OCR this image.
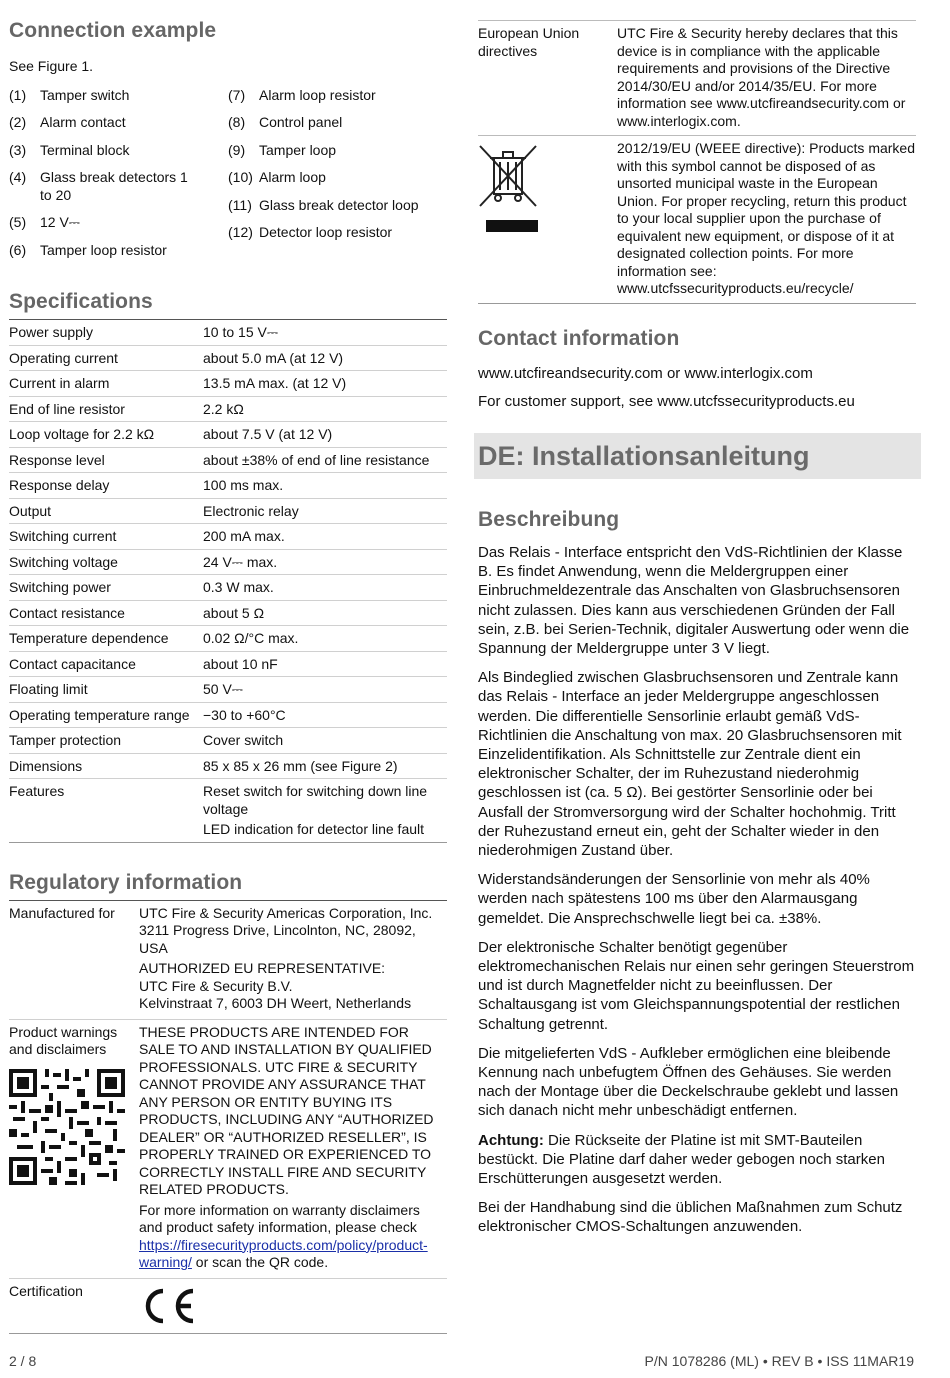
Connection example

See Figure 1.

(1) Tamper switch
(2) Alarm contact
(3) Terminal block
(4) Glass break detectors 1 to 20
(5) 12 V⎓
(6) Tamper loop resistor
(7) Alarm loop resistor
(8) Control panel
(9) Tamper loop
(10) Alarm loop
(11) Glass break detector loop
(12) Detector loop resistor
Specifications
Power supply	10 to 15 V⎓
Operating current	about 5.0 mA (at 12 V)
Current in alarm	13.5 mA max. (at 12 V)
End of line resistor	2.2 kΩ
Loop voltage for 2.2 kΩ	about 7.5 V (at 12 V)
Response level	about ±38% of end of line resistance
Response delay	100 ms max.
Output	Electronic relay
Switching current	200 mA max.
Switching voltage	24 V⎓ max.
Switching power	0.3 W max.
Contact resistance	about 5 Ω
Temperature dependence	0.02 Ω/°C max.
Contact capacitance	about 10 nF
Floating limit	50 V⎓
Operating temperature range	−30 to +60°C
Tamper protection	Cover switch
Dimensions	85 x 85 x 26 mm (see Figure 2)
Features	Reset switch for switching down line voltage
LED indication for detector line fault
Regulatory information
Manufactured for	UTC Fire & Security Americas Corporation, Inc.
3211 Progress Drive, Lincolnton, NC, 28092, USA
AUTHORIZED EU REPRESENTATIVE:
UTC Fire & Security B.V.
Kelvinstraat 7, 6003 DH Weert, Netherlands

Product warnings and disclaimers	THESE PRODUCTS ARE INTENDED FOR SALE TO AND INSTALLATION BY QUALIFIED PROFESSIONALS. UTC FIRE & SECURITY CANNOT PROVIDE ANY ASSURANCE THAT ANY PERSON OR ENTITY BUYING ITS PRODUCTS, INCLUDING ANY “AUTHORIZED DEALER” OR “AUTHORIZED RESELLER”, IS PROPERLY TRAINED OR EXPERIENCED TO CORRECTLY INSTALL FIRE AND SECURITY RELATED PRODUCTS.
For more information on warranty disclaimers and product safety information, please check https://firesecurityproducts.com/policy/product-warning/ or scan the QR code.

Certification	
European Union directives	UTC Fire & Security hereby declares that this device is in compliance with the applicable requirements and provisions of the Directive 2014/30/EU and/or 2014/35/EU. For more information see www.utcfireandsecurity.com or www.interlogix.com.

	2012/19/EU (WEEE directive): Products marked with this symbol cannot be disposed of as unsorted municipal waste in the European Union. For proper recycling, return this product to your local supplier upon the purchase of equivalent new equipment, or dispose of it at designated collection points. For more information see: www.utcfssecurityproducts.eu/recycle/
Contact information

www.utcfireandsecurity.com or www.interlogix.com

For customer support, see www.utcfssecurityproducts.eu

DE: Installationsanleitung
Beschreibung

Das Relais - Interface entspricht den VdS-Richtlinien der Klasse B. Es findet Anwendung, wenn die Meldergruppen einer Einbruchmeldezentrale das Anschalten von Glasbruchsensoren nicht zulassen. Dies kann aus verschiedenen Gründen der Fall sein, z.B. bei Serien-Technik, digitaler Auswertung oder wenn die Spannung der Meldergruppe unter 3 V liegt.

Als Bindeglied zwischen Glasbruchsensoren und Zentrale kann das Relais - Interface an jeder Meldergruppe angeschlossen werden. Die differentielle Sensorlinie erlaubt gemäß VdS-Richtlinien die Anschaltung von max. 20 Glasbruchsensoren mit Einzelidentifikation. Als Schnittstelle zur Zentrale dient ein elektronischer Schalter, der im Ruhezustand niederohmig geschlossen ist (ca. 5 Ω). Bei gestörter Sensorlinie oder bei Ausfall der Stromversorgung wird der Schalter hochohmig. Tritt der Ruhezustand erneut ein, geht der Schalter wieder in den niederohmigen Zustand über.

Widerstandsänderungen der Sensorlinie von mehr als 40% werden nach spätestens 100 ms über den Alarmausgang gemeldet. Die Ansprechschwelle liegt bei ca. ±38%.

Der elektronische Schalter benötigt gegenüber elektromechanischen Relais nur einen sehr geringen Steuerstrom und ist durch Magnetfelder nicht zu beeinflussen. Der Schaltausgang ist vom Gleichspannungspotential der restlichen Schaltung getrennt.

Die mitgelieferten VdS - Aufkleber ermöglichen eine bleibende Kennung nach unbefugtem Öffnen des Gehäuses. Sie werden nach der Montage über die Deckelschraube geklebt und lassen sich danach nicht mehr unbeschädigt entfernen.

Achtung: Die Rückseite der Platine ist mit SMT-Bauteilen bestückt. Die Platine darf daher weder gebogen noch starken Erschütterungen ausgesetzt werden.

Bei der Handhabung sind die üblichen Maßnahmen zum Schutz elektronischer CMOS-Schaltungen anzuwenden.

2 / 8	P/N 1078286 (ML) • REV B • ISS 11MAR19
